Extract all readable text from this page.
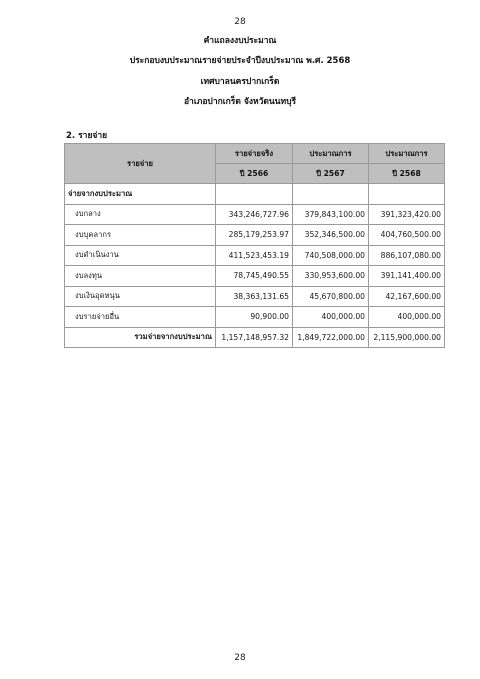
28
คำแถลงงบประมาณ
ประกอบงบประมาณรายจ่ายประจำปีงบประมาณ พ.ศ. 2568
เทศบาลนครปากเกร็ด
อำเภอปากเกร็ด จังหวัดนนทบุรี
2. รายจ่าย
รายจ่าย	รายจ่ายจริง	ประมาณการ	ประมาณการ
	ปี 2566	ปี 2567	ปี 2568
จ่ายจากงบประมาณ			
งบกลาง	343,246,727.96	379,843,100.00	391,323,420.00
งบบุคลากร	285,179,253.97	352,346,500.00	404,760,500.00
งบดำเนินงาน	411,523,453.19	740,508,000.00	886,107,080.00
งบลงทุน	78,745,490.55	330,953,600.00	391,141,400.00
งบเงินอุดหนุน	38,363,131.65	45,670,800.00	42,167,600.00
งบรายจ่ายอื่น	90,900.00	400,000.00	400,000.00
รวมจ่ายจากงบประมาณ	1,157,148,957.32	1,849,722,000.00	2,115,900,000.00
28
